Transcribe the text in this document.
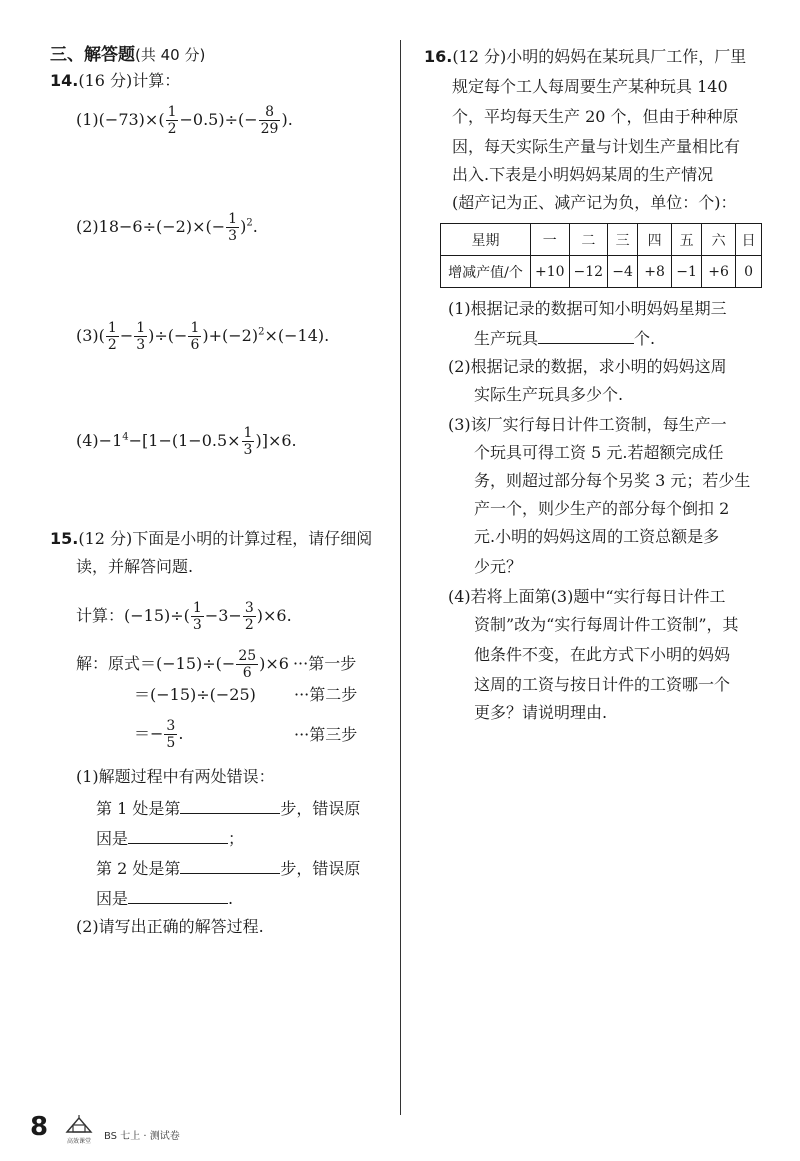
三、解答题(共 40 分)
14.(16 分)计算：
$(1)(-73)\times( \frac{1}{2} -0.5)\div(- \frac{8}{29}$ ).
$(2)18-6\div(-2)\times(- \frac{1}{3} )^2$.
$(3)( \frac{1}{2} - \frac{1}{3}$ )÷(− $\frac{1}{6} )+(-2)^2\times(-14)$.
$(4)-1^4-[1-(1-0.5\times \frac{1}{3} )]\times 6$.
15.(12 分)下面是小明的计算过程，请仔细阅
读，并解答问题.
计算：$(-15)\div( \frac{1}{3} -3- \frac{3}{2} )\times 6$.
解：原式$=(-15)\div(- \frac{25}{6} )\times 6$ ···第一步
＝(−15)÷(−25) ···第二步
＝− $\frac{3}{5}$ .	···第三步
(1)解题过程中有两处错误：
第 1 处是第	步，错误原
因是	；
第 2 处是第	步，错误原
因是	.
(2)请写出正确的解答过程.
16.(12 分)小明的妈妈在某玩具厂工作，厂里
规定每个工人每周要生产某种玩具 140
个，平均每天生产 20 个，但由于种种原
因，每天实际生产量与计划生产量相比有
出入.下表是小明妈妈某周的生产情况
(超产记为正、减产记为负，单位：个)：
星期	一	二	三	四	五	六	日
增减产值/个	+10	−12	−4	+8	−1	+6	0
(1)根据记录的数据可知小明妈妈星期三
生产玩具	个.
(2)根据记录的数据，求小明的妈妈这周
实际生产玩具多少个.
(3)该厂实行每日计件工资制，每生产一
个玩具可得工资 5 元.若超额完成任
务，则超过部分每个另奖 3 元；若少生
产一个，则少生产的部分每个倒扣 2
元.小明的妈妈这周的工资总额是多
少元？
(4)若将上面第(3)题中“实行每日计件工
资制”改为“实行每周计件工资制”，其
他条件不变，在此方式下小明的妈妈
这周的工资与按日计件的工资哪一个
更多？请说明理由.
8	高效课堂	BS 七上 · 测试卷
